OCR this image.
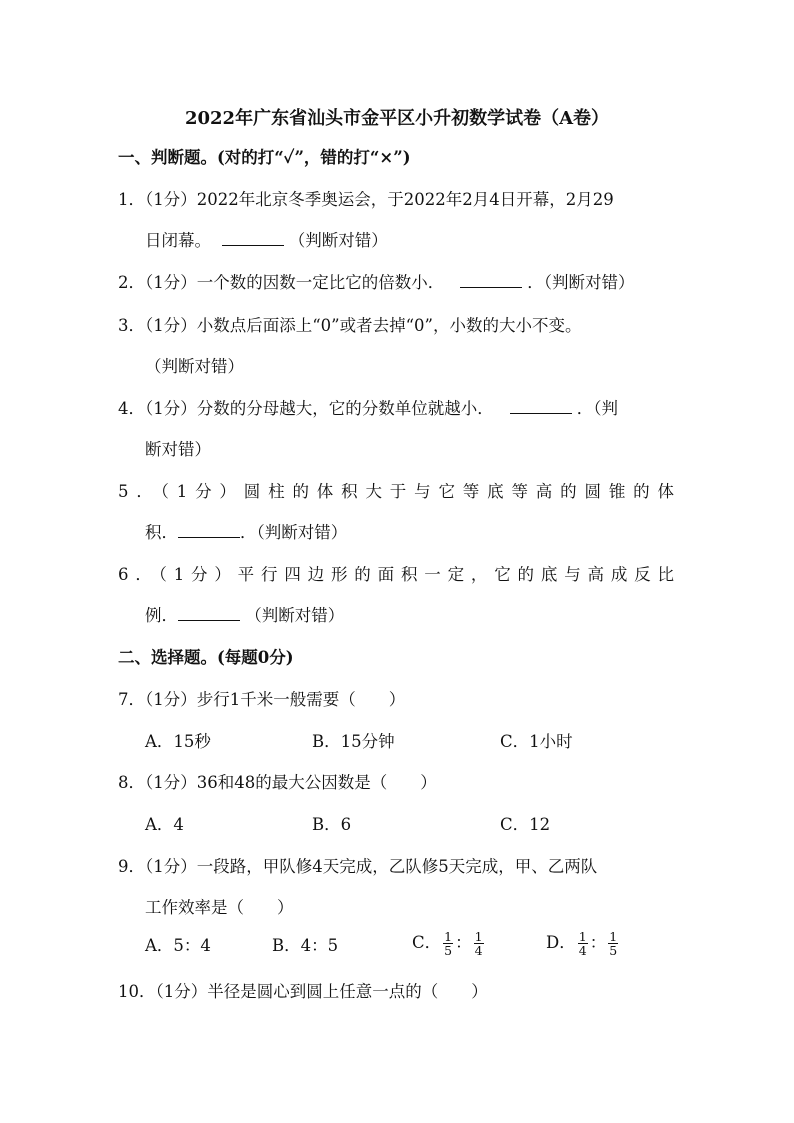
2022年广东省汕头市金平区小升初数学试卷（A卷）
一、判断题。(对的打“✓”，错的打“×”)
1．（1分）2022年北京冬季奥运会，于2022年2月4日开幕，2月29
日闭幕。	（判断对错）
2．（1分）一个数的因数一定比它的倍数小．	．（判断对错）
3．（1分）小数点后面添上“0”或者去掉“0”，小数的大小不变。
（判断对错）
4．（1分）分数的分母越大，它的分数单位就越小．	．（判
断对错）
5．（1分）圆柱的体积大于与它等底等高的圆锥的体
积．	．（判断对错）
6．（1分）平行四边形的面积一定，它的底与高成反比
例．	（判断对错）
二、选择题。(每题0分)
7．（1分）步行1千米一般需要（　　）
A．15秒	B．15分钟	C．1小时
8．（1分）36和48的最大公因数是（　　）
A．4	B．6	C．12
9．（1分）一段路，甲队修4天完成，乙队修5天完成，甲、乙两队
工作效率是（　　）
A．5：4	B．4：5	C． $\frac{1}{5}$ ： $\frac{1}{4}$	D． $\frac{1}{4}$ ： $\frac{1}{5}$
10．（1分）半径是圆心到圆上任意一点的（　　）
